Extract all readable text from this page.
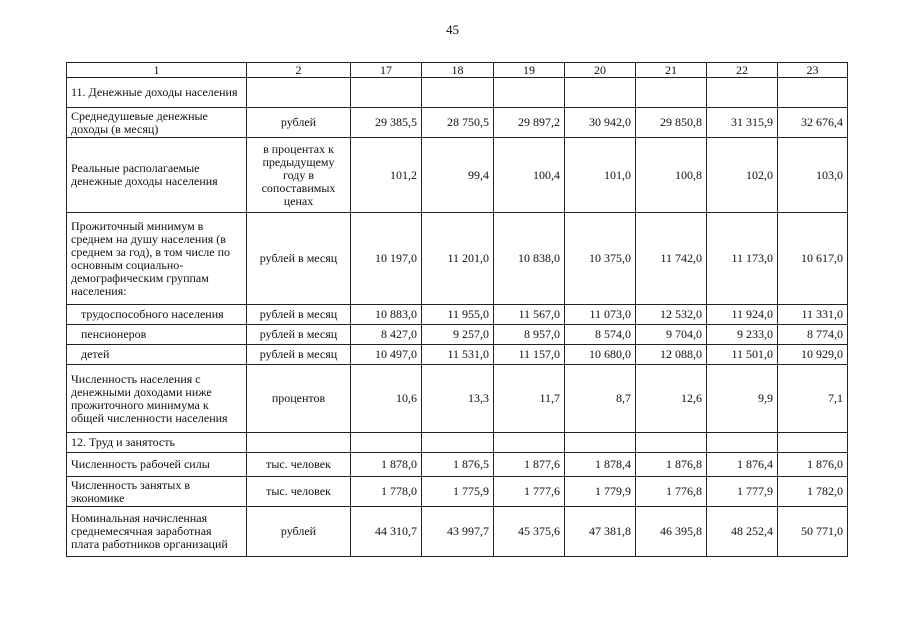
45
1	2	17	18	19	20	21	22	23
11. Денежные доходы населения								
Среднедушевые денежные доходы (в месяц)	рублей	29 385,5	28 750,5	29 897,2	30 942,0	29 850,8	31 315,9	32 676,4
Реальные располагаемые денежные доходы населения	в процентах к предыдущему году в сопоставимых ценах	101,2	99,4	100,4	101,0	100,8	102,0	103,0
Прожиточный минимум в среднем на душу населения (в среднем за год), в том числе по основным социально-демографическим группам населения:	рублей в месяц	10 197,0	11 201,0	10 838,0	10 375,0	11 742,0	11 173,0	10 617,0
трудоспособного населения	рублей в месяц	10 883,0	11 955,0	11 567,0	11 073,0	12 532,0	11 924,0	11 331,0
пенсионеров	рублей в месяц	8 427,0	9 257,0	8 957,0	8 574,0	9 704,0	9 233,0	8 774,0
детей	рублей в месяц	10 497,0	11 531,0	11 157,0	10 680,0	12 088,0	11 501,0	10 929,0
Численность населения с денежными доходами ниже прожиточного минимума к общей численности населения	процентов	10,6	13,3	11,7	8,7	12,6	9,9	7,1
12. Труд и занятость								
Численность рабочей силы	тыс. человек	1 878,0	1 876,5	1 877,6	1 878,4	1 876,8	1 876,4	1 876,0
Численность занятых в экономике	тыс. человек	1 778,0	1 775,9	1 777,6	1 779,9	1 776,8	1 777,9	1 782,0
Номинальная начисленная среднемесячная заработная плата работников организаций	рублей	44 310,7	43 997,7	45 375,6	47 381,8	46 395,8	48 252,4	50 771,0
